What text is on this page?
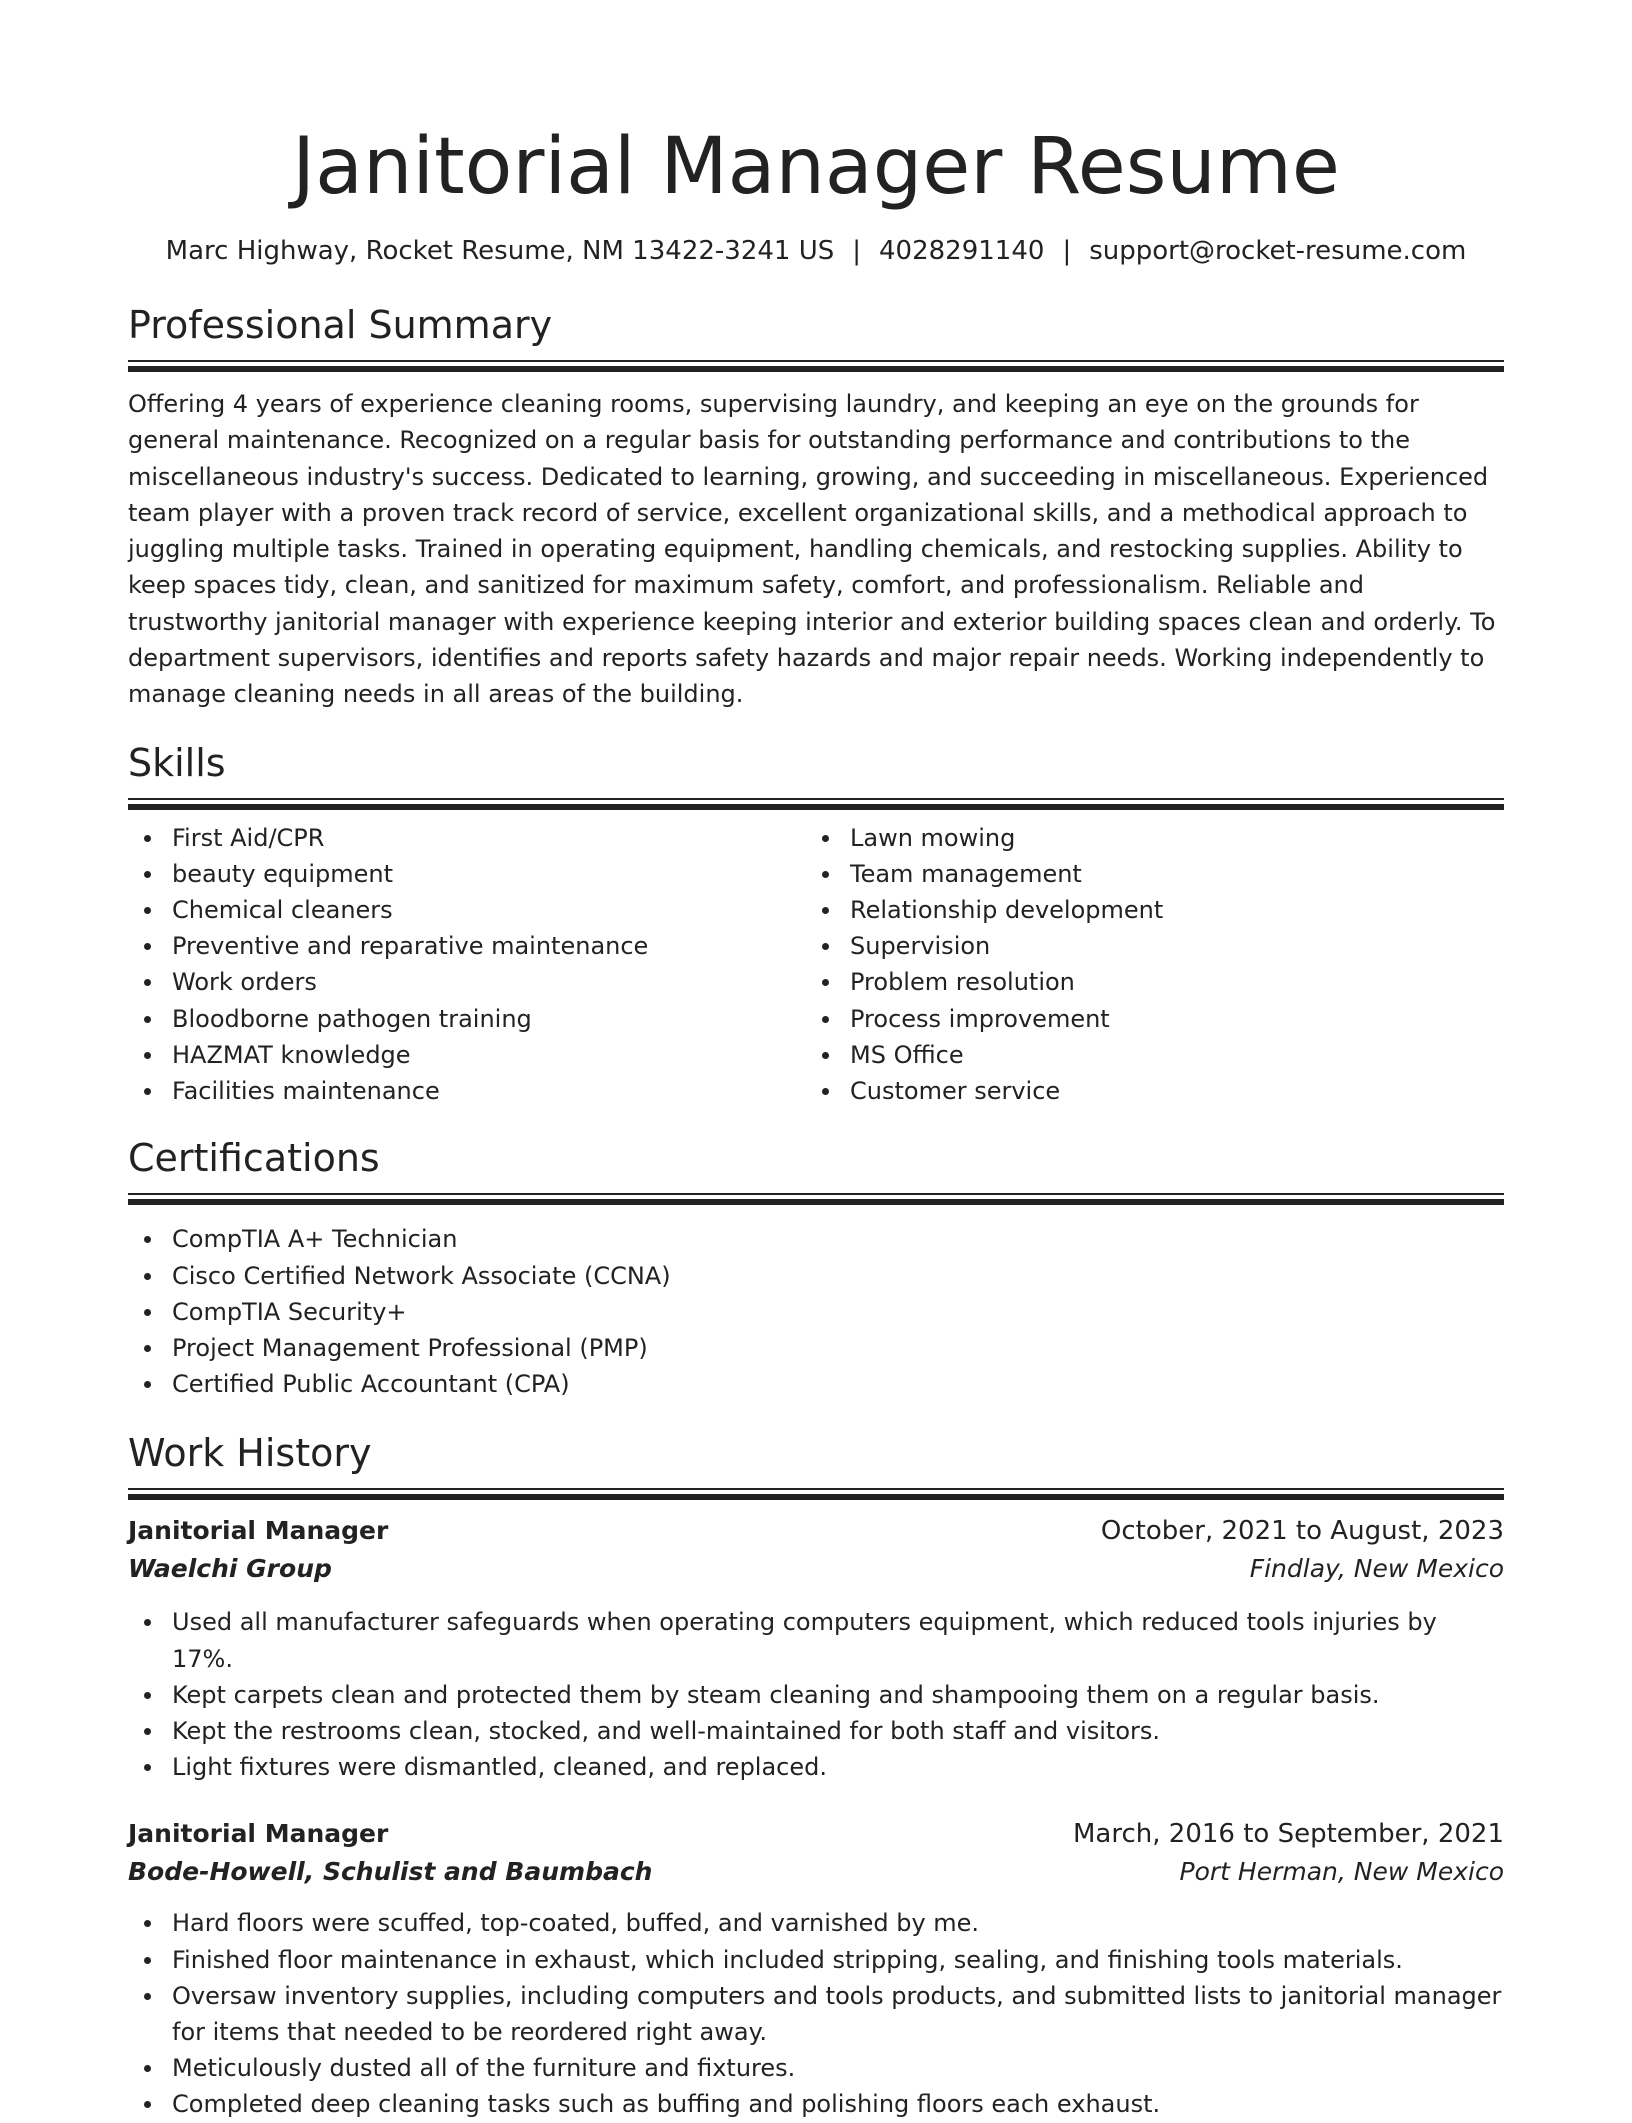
Janitorial Manager Resume
Marc Highway, Rocket Resume, NM 13422-3241 US | 4028291140 | support@rocket-resume.com
Professional Summary
Offering 4 years of experience cleaning rooms, supervising laundry, and keeping an eye on the grounds for general maintenance. Recognized on a regular basis for outstanding performance and contributions to the miscellaneous industry's success. Dedicated to learning, growing, and succeeding in miscellaneous. Experienced team player with a proven track record of service, excellent organizational skills, and a methodical approach to juggling multiple tasks. Trained in operating equipment, handling chemicals, and restocking supplies. Ability to keep spaces tidy, clean, and sanitized for maximum safety, comfort, and professionalism. Reliable and trustworthy janitorial manager with experience keeping interior and exterior building spaces clean and orderly. To department supervisors, identifies and reports safety hazards and major repair needs. Working independently to manage cleaning needs in all areas of the building.
Skills
First Aid/CPR
beauty equipment
Chemical cleaners
Preventive and reparative maintenance
Work orders
Bloodborne pathogen training
HAZMAT knowledge
Facilities maintenance
Lawn mowing
Team management
Relationship development
Supervision
Problem resolution
Process improvement
MS Office
Customer service
Certifications
CompTIA A+ Technician
Cisco Certified Network Associate (CCNA)
CompTIA Security+
Project Management Professional (PMP)
Certified Public Accountant (CPA)
Work History
Janitorial Manager	October, 2021 to August, 2023
Waelchi Group	Findlay, New Mexico
Used all manufacturer safeguards when operating computers equipment, which reduced tools injuries by 17%.
Kept carpets clean and protected them by steam cleaning and shampooing them on a regular basis.
Kept the restrooms clean, stocked, and well-maintained for both staff and visitors.
Light fixtures were dismantled, cleaned, and replaced.
Janitorial Manager	March, 2016 to September, 2021
Bode-Howell, Schulist and Baumbach	Port Herman, New Mexico
Hard floors were scuffed, top-coated, buffed, and varnished by me.
Finished floor maintenance in exhaust, which included stripping, sealing, and finishing tools materials.
Oversaw inventory supplies, including computers and tools products, and submitted lists to janitorial manager for items that needed to be reordered right away.
Meticulously dusted all of the furniture and fixtures.
Completed deep cleaning tasks such as buffing and polishing floors each exhaust.
